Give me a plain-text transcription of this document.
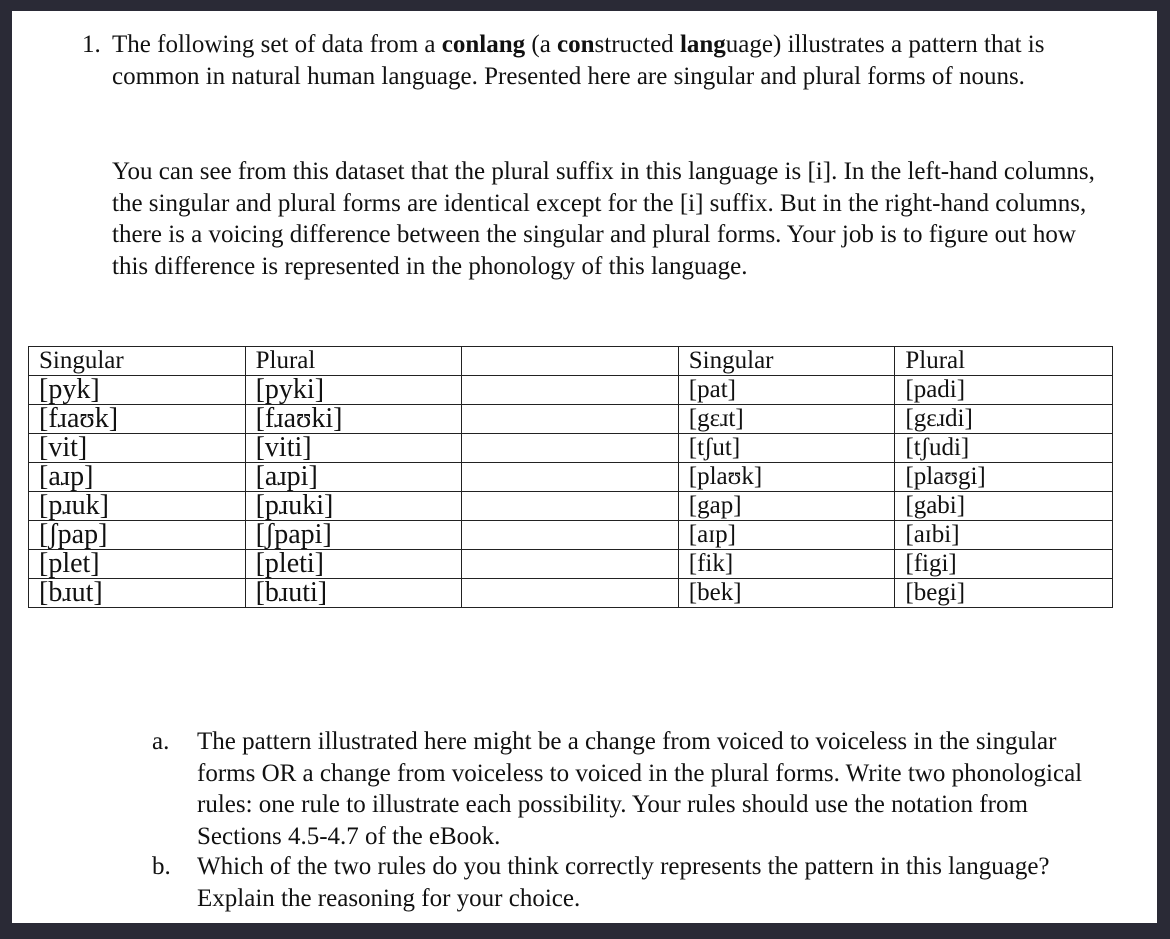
1. The following set of data from a conlang (a constructed language) illustrates a pattern that is common in natural human language. Presented here are singular and plural forms of nouns.
You can see from this dataset that the plural suffix in this language is [i]. In the left-hand columns, the singular and plural forms are identical except for the [i] suffix. But in the right-hand columns, there is a voicing difference between the singular and plural forms. Your job is to figure out how this difference is represented in the phonology of this language.
Singular	Plural		Singular	Plural
[pyk]	[pyki]		[pat]	[padi]
[fɹaʊk]	[fɹaʊki]		[gɛɹt]	[gɛɹdi]
[vit]	[viti]		[tʃut]	[tʃudi]
[aɹp]	[aɹpi]		[plaʊk]	[plaʊgi]
[pɹuk]	[pɹuki]		[gap]	[gabi]
[ʃpap]	[ʃpapi]		[aɪp]	[aɪbi]
[plet]	[pleti]		[fik]	[figi]
[bɹut]	[bɹuti]		[bek]	[begi]
a. The pattern illustrated here might be a change from voiced to voiceless in the singular forms OR a change from voiceless to voiced in the plural forms. Write two phonological rules: one rule to illustrate each possibility. Your rules should use the notation from Sections 4.5-4.7 of the eBook.
b. Which of the two rules do you think correctly represents the pattern in this language? Explain the reasoning for your choice.
